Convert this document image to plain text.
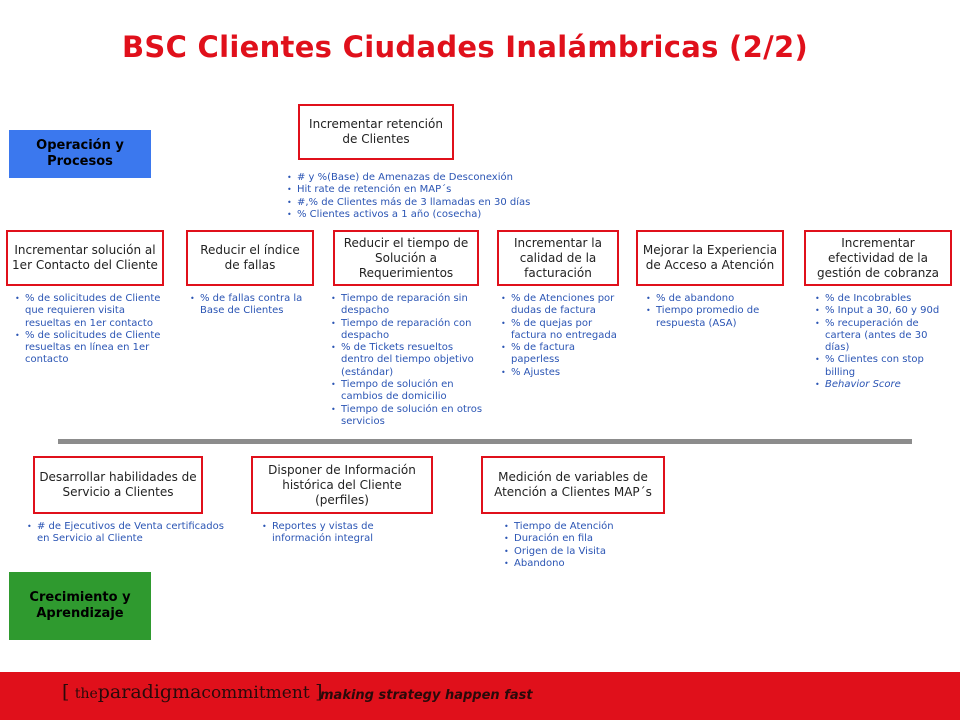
BSC Clientes Ciudades Inalámbricas (2/2)
Operación y Procesos
Crecimiento y Aprendizaje
Incrementar retención de Clientes
• # y %(Base) de Amenazas de Desconexión
• Hit rate de retención en MAP´s
• #,% de Clientes más de 3 llamadas en 30 días
• % Clientes activos a 1 año (cosecha)
Incrementar solución al 1er Contacto del Cliente
• % de solicitudes de Cliente que requieren visita resueltas en 1er contacto
• % de solicitudes de Cliente resueltas en línea en 1er contacto
Reducir el índice de fallas
• % de fallas contra la Base de Clientes
Reducir el tiempo de Solución a Requerimientos
• Tiempo de reparación sin despacho
• Tiempo de reparación con despacho
• % de Tickets resueltos dentro del tiempo objetivo (estándar)
• Tiempo de solución en cambios de domicilio
• Tiempo de solución en otros servicios
Incrementar la calidad de la facturación
• % de Atenciones por dudas de factura
• % de quejas por factura no entregada
• % de factura paperless
• % Ajustes
Mejorar la Experiencia de Acceso a Atención
• % de abandono
• Tiempo promedio de respuesta (ASA)
Incrementar efectividad de la gestión de cobranza
• % de Incobrables
• % Input a 30, 60 y 90d
• % recuperación de cartera (antes de 30 días)
• % Clientes con stop billing
• Behavior Score
Desarrollar habilidades de Servicio a Clientes
• # de Ejecutivos de Venta certificados en Servicio al Cliente
Disponer de Información histórica del Cliente (perfiles)
• Reportes y vistas de información integral
Medición de variables de Atención a Clientes MAP´s
• Tiempo de Atención
• Duración en fila
• Origen de la Visita
• Abandono
[ theparadigmacommitment ]
making strategy happen fast
